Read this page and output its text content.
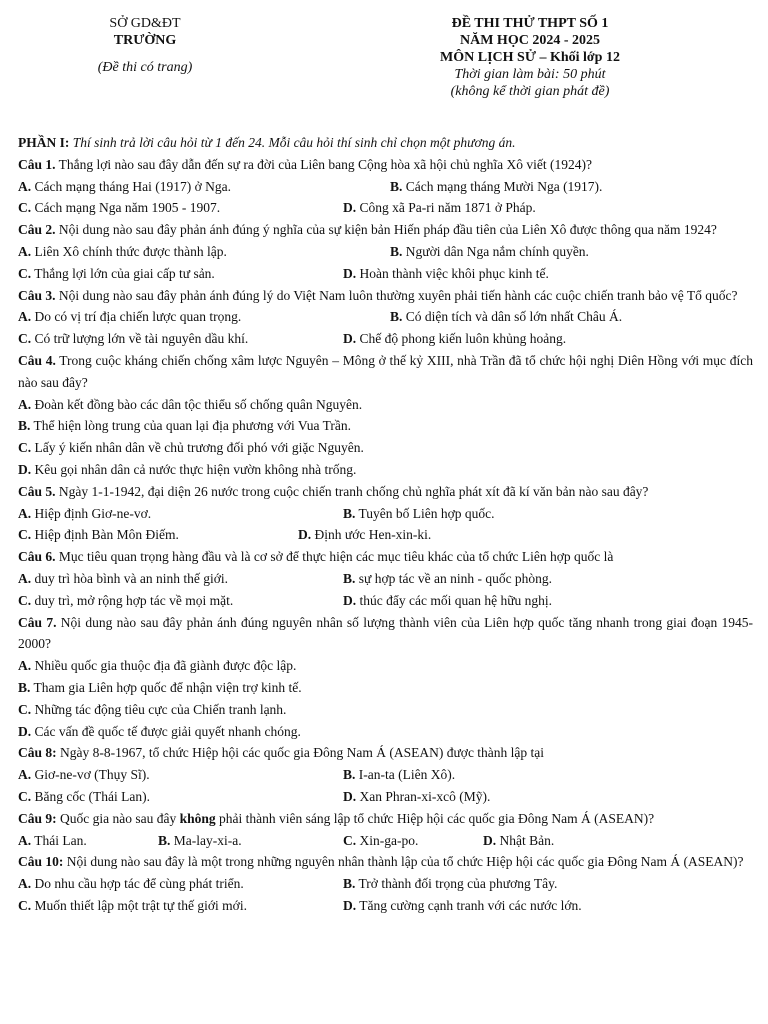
SỞ GD&ĐT
TRƯỜNG
(Đề thi có trang)
ĐỀ THI THỬ THPT SỐ 1
NĂM HỌC 2024 - 2025
MÔN LỊCH SỬ – Khối lớp 12
Thời gian làm bài: 50 phút
(không kể thời gian phát đề)
PHẦN I: Thí sinh trả lời câu hỏi từ 1 đến 24. Mỗi câu hỏi thí sinh chỉ chọn một phương án.
Câu 1. Thắng lợi nào sau đây dẫn đến sự ra đời của Liên bang Cộng hòa xã hội chủ nghĩa Xô viết (1924)?
A. Cách mạng tháng Hai (1917) ở Nga.	B. Cách mạng tháng Mười Nga (1917).
C. Cách mạng Nga năm 1905 - 1907.	D. Công xã Pa-ri năm 1871 ở Pháp.
Câu 2. Nội dung nào sau đây phản ánh đúng ý nghĩa của sự kiện bản Hiến pháp đầu tiên của Liên Xô được thông qua năm 1924?
A. Liên Xô chính thức được thành lập.	B. Người dân Nga nắm chính quyền.
C. Thắng lợi lớn của giai cấp tư sản.	D. Hoàn thành việc khôi phục kinh tế.
Câu 3. Nội dung nào sau đây phản ánh đúng lý do Việt Nam luôn thường xuyên phải tiến hành các cuộc chiến tranh bảo vệ Tổ quốc?
A. Do có vị trí địa chiến lược quan trọng.	B. Có diện tích và dân số lớn nhất Châu Á.
C. Có trữ lượng lớn về tài nguyên dầu khí.	D. Chế độ phong kiến luôn khủng hoảng.
Câu 4. Trong cuộc kháng chiến chống xâm lược Nguyên – Mông ở thế kỷ XIII, nhà Trần đã tổ chức hội nghị Diên Hồng với mục đích nào sau đây?
A. Đoàn kết đồng bào các dân tộc thiểu số chống quân Nguyên.
B. Thể hiện lòng trung của quan lại địa phương với Vua Trần.
C. Lấy ý kiến nhân dân về chủ trương đối phó với giặc Nguyên.
D. Kêu gọi nhân dân cả nước thực hiện vườn không nhà trống.
Câu 5. Ngày 1-1-1942, đại diện 26 nước trong cuộc chiến tranh chống chủ nghĩa phát xít đã kí văn bản nào sau đây?
A. Hiệp định Giơ-ne-vơ.	B. Tuyên bố Liên hợp quốc.
C. Hiệp định Bàn Môn Điếm.	D. Định ước Hen-xin-ki.
Câu 6. Mục tiêu quan trọng hàng đầu và là cơ sở để thực hiện các mục tiêu khác của tổ chức Liên hợp quốc là
A. duy trì hòa bình và an ninh thế giới.	B. sự hợp tác về an ninh - quốc phòng.
C. duy trì, mở rộng hợp tác về mọi mặt.	D. thúc đẩy các mối quan hệ hữu nghị.
Câu 7. Nội dung nào sau đây phản ánh đúng nguyên nhân số lượng thành viên của Liên hợp quốc tăng nhanh trong giai đoạn 1945-2000?
A. Nhiều quốc gia thuộc địa đã giành được độc lập.
B. Tham gia Liên hợp quốc để nhận viện trợ kinh tế.
C. Những tác động tiêu cực của Chiến tranh lạnh.
D. Các vấn đề quốc tế được giải quyết nhanh chóng.
Câu 8: Ngày 8-8-1967, tổ chức Hiệp hội các quốc gia Đông Nam Á (ASEAN) được thành lập tại
A. Giơ-ne-vơ (Thụy Sĩ).	B. I-an-ta (Liên Xô).
C. Băng cốc (Thái Lan).	D. Xan Phran-xi-xcô (Mỹ).
Câu 9: Quốc gia nào sau đây không phải thành viên sáng lập tổ chức Hiệp hội các quốc gia Đông Nam Á (ASEAN)?
A. Thái Lan.	B. Ma-lay-xi-a.	C. Xin-ga-po.	D. Nhật Bản.
Câu 10: Nội dung nào sau đây là một trong những nguyên nhân thành lập của tổ chức Hiệp hội các quốc gia Đông Nam Á (ASEAN)?
A. Do nhu cầu hợp tác để cùng phát triển.	B. Trở thành đối trọng của phương Tây.
C. Muốn thiết lập một trật tự thế giới mới.	D. Tăng cường cạnh tranh với các nước lớn.
